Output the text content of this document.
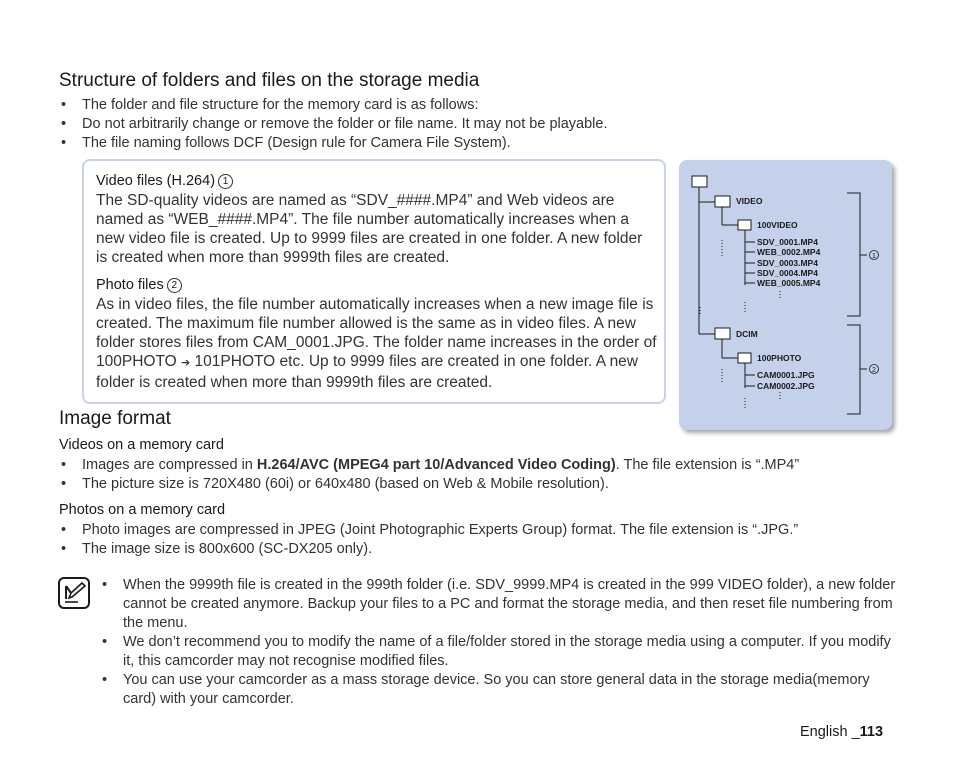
Structure of folders and files on the storage media
• The folder and file structure for the memory card is as follows:
• Do not arbitrarily change or remove the folder or file name. It may not be playable.
• The file naming follows DCF (Design rule for Camera File System).
Video files (H.264) 1
The SD-quality videos are named as “SDV_####.MP4” and Web videos are named as “WEB_####.MP4”. The file number automatically increases when a new video file is created. Up to 9999 files are created in one folder. A new folder is created when more than 9999th files are created.
Photo files 2
As in video files, the file number automatically increases when a new image file is created. The maximum file number allowed is the same as in video files. A new folder stores files from CAM_0001.JPG. The folder name increases in the order of 100PHOTO ➔ 101PHOTO etc. Up to 9999 files are created in one folder. A new folder is created when more than 9999th files are created.
VIDEO
100VIDEO
SDV_0001.MP4
WEB_0002.MP4
SDV_0003.MP4
SDV_0004.MP4
WEB_0005.MP4
DCIM
100PHOTO
CAM0001.JPG
CAM0002.JPG
1
2
Image format
Videos on a memory card
• Images are compressed in H.264/AVC (MPEG4 part 10/Advanced Video Coding). The file extension is “.MP4”
• The picture size is 720X480 (60i) or 640x480 (based on Web & Mobile resolution).
Photos on a memory card
• Photo images are compressed in JPEG (Joint Photographic Experts Group) format. The file extension is “.JPG.”
• The image size is 800x600 (SC-DX205 only).
• When the 9999th file is created in the 999th folder (i.e. SDV_9999.MP4 is created in the 999 VIDEO folder), a new folder cannot be created anymore. Backup your files to a PC and format the storage media, and then reset file numbering from the menu.
• We don’t recommend you to modify the name of a file/folder stored in the storage media using a computer. If you modify it, this camcorder may not recognise modified files.
• You can use your camcorder as a mass storage device. So you can store general data in the storage media(memory card) with your camcorder.
English _113
